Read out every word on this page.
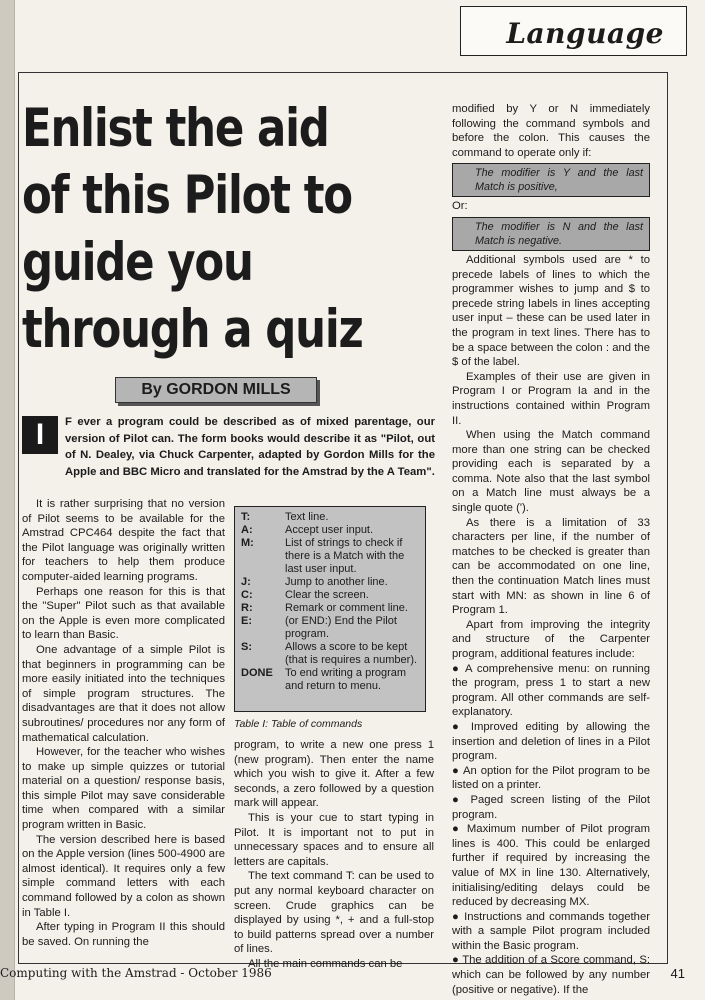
Language
Enlist the aid of this Pilot to guide you through a quiz
By GORDON MILLS
I	F ever a program could be described as of mixed parentage, our version of Pilot can. The form books would describe it as "Pilot, out of N. Dealey, via Chuck Carpenter, adapted by Gordon Mills for the Apple and BBC Micro and translated for the Amstrad by the A Team".

It is rather surprising that no version of Pilot seems to be available for the Amstrad CPC464 despite the fact that the Pilot language was originally written for teachers to help them produce computer-aided learning programs.

Perhaps one reason for this is that the "Super" Pilot such as that available on the Apple is even more complicated to learn than Basic.

One advantage of a simple Pilot is that beginners in programming can be more easily initiated into the techniques of simple program structures. The disadvantages are that it does not allow subroutines/ procedures nor any form of mathematical calculation.

However, for the teacher who wishes to make up simple quizzes or tutorial material on a question/ response basis, this simple Pilot may save considerable time when compared with a similar program written in Basic.

The version described here is based on the Apple version (lines 500-4900 are almost identical). It requires only a few simple command letters with each command followed by a colon as shown in Table I.

After typing in Program II this should be saved. On running the

T:	Text line.
A:	Accept user input.
M:	List of strings to check if there is a Match with the last user input.
J:	Jump to another line.
C:	Clear the screen.
R:	Remark or comment line.
E:	(or END:) End the Pilot program.
S:	Allows a score to be kept (that is requires a number).
DONE	To end writing a program and return to menu.
Table I: Table of commands

program, to write a new one press 1 (new program). Then enter the name which you wish to give it. After a few seconds, a zero followed by a question mark will appear.

This is your cue to start typing in Pilot. It is important not to put in unnecessary spaces and to ensure all letters are capitals.

The text command T: can be used to put any normal keyboard character on screen. Crude graphics can be displayed by using *, + and a full-stop to build patterns spread over a number of lines.

All the main commands can be

modified by Y or N immediately following the command symbols and before the colon. This causes the command to operate only if:

The modifier is Y and the last Match is positive,

Or:

The modifier is N and the last Match is negative.

Additional symbols used are * to precede labels of lines to which the programmer wishes to jump and $ to precede string labels in lines accepting user input – these can be used later in the program in text lines. There has to be a space between the colon : and the $ of the label.

Examples of their use are given in Program I or Program Ia and in the instructions contained within Program II.

When using the Match command more than one string can be checked providing each is separated by a comma. Note also that the last symbol on a Match line must always be a single quote (').

As there is a limitation of 33 characters per line, if the number of matches to be checked is greater than can be accommodated on one line, then the continuation Match lines must start with MN: as shown in line 6 of Program 1.

Apart from improving the integrity and structure of the Carpenter program, additional features include:

● A comprehensive menu: on running the program, press 1 to start a new program. All other commands are self-explanatory.

● Improved editing by allowing the insertion and deletion of lines in a Pilot program.

● An option for the Pilot program to be listed on a printer.

● Paged screen listing of the Pilot program.

● Maximum number of Pilot program lines is 400. This could be enlarged further if required by increasing the value of MX in line 130. Alternatively, initialising/editing delays could be reduced by decreasing MX.

● Instructions and commands together with a sample Pilot program included within the Basic program.

● The addition of a Score command, S: which can be followed by any number (positive or negative). If the

Computing with the Amstrad - October 1986	41
